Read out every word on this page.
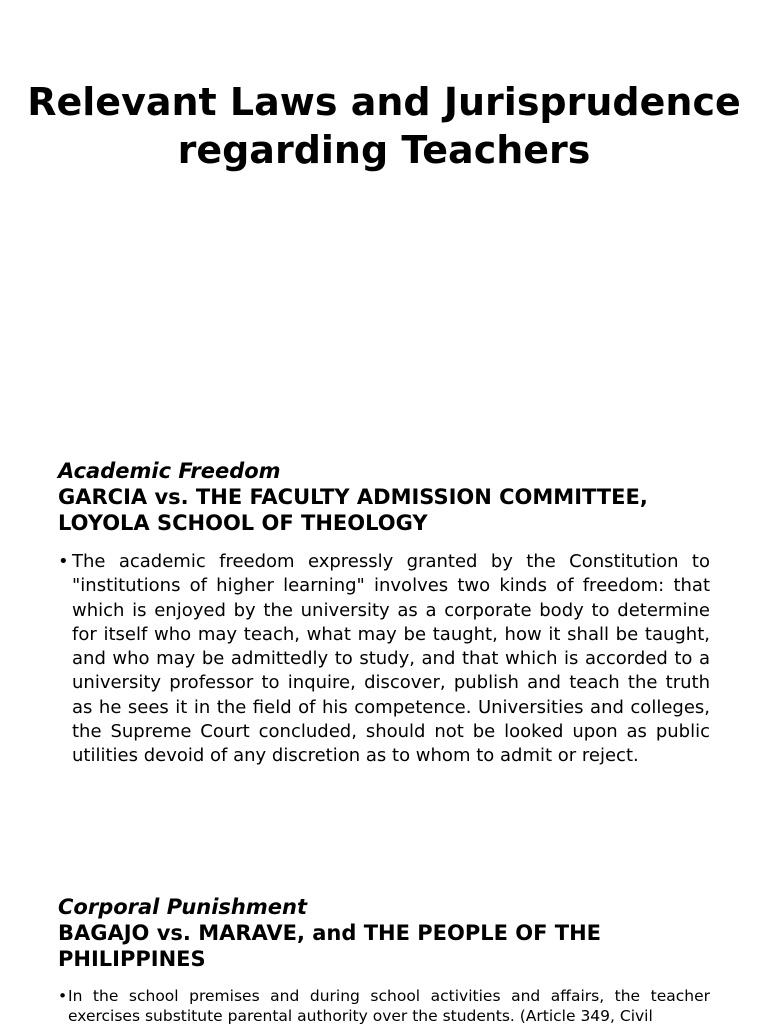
Relevant Laws and Jurisprudence regarding Teachers
Academic Freedom
GARCIA vs. THE FACULTY ADMISSION COMMITTEE, LOYOLA SCHOOL OF THEOLOGY
• The academic freedom expressly granted by the Constitution to "institutions of higher learning" involves two kinds of freedom: that which is enjoyed by the university as a corporate body to determine for itself who may teach, what may be taught, how it shall be taught, and who may be admittedly to study, and that which is accorded to a university professor to inquire, discover, publish and teach the truth as he sees it in the field of his competence. Universities and colleges, the Supreme Court concluded, should not be looked upon as public utilities devoid of any discretion as to whom to admit or reject.
Corporal Punishment
BAGAJO vs. MARAVE, and THE PEOPLE OF THE PHILIPPINES
• In the school premises and during school activities and affairs, the teacher exercises substitute parental authority over the students. (Article 349, Civil
